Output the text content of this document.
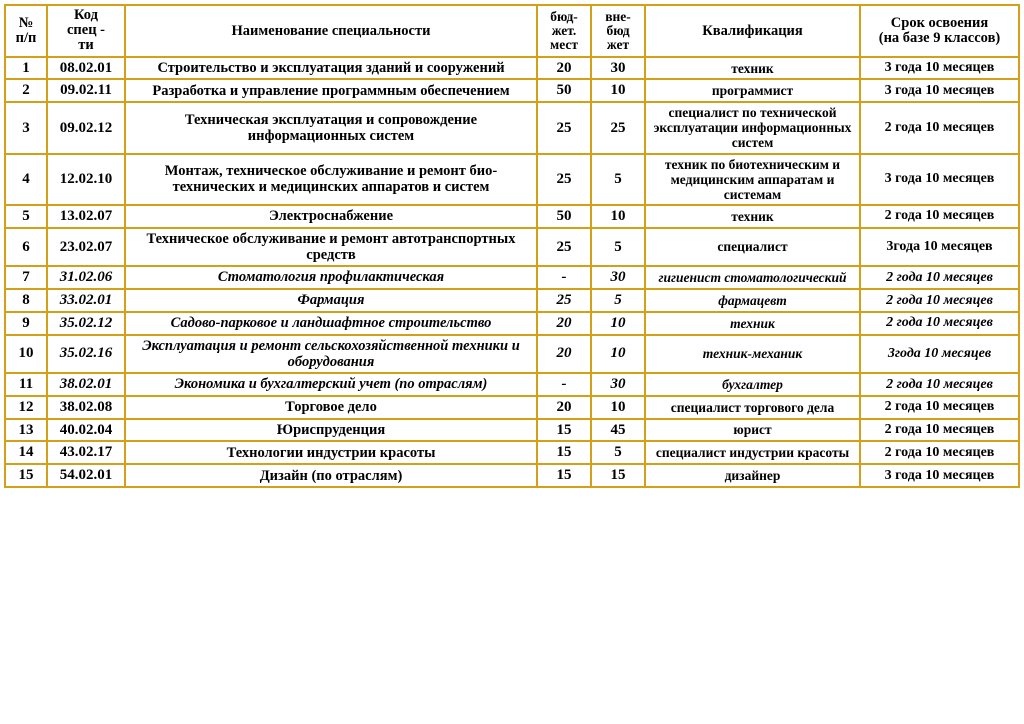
№
п/п	Код
спец -
ти	Наименование специальности	бюд-
жет.
мест	вне-
бюд
жет	Квалификация	Срок освоения
(на базе 9 классов)

1	08.02.01	Строительство и эксплуатация зданий и сооружений	20	30	техник	3 года 10 месяцев
2	09.02.11	Разработка и управление программным обеспечением	50	10	программист	3 года 10 месяцев
3	09.02.12	Техническая эксплуатация и сопровождение информационных систем	25	25	специалист по технической эксплуатации информационных систем	2 года 10 месяцев
4	12.02.10	Монтаж, техническое обслуживание и ремонт био-технических и медицинских аппаратов и систем	25	5	техник по биотехническим и медицинским аппаратам и системам	3 года 10 месяцев
5	13.02.07	Электроснабжение	50	10	техник	2 года 10 месяцев
6	23.02.07	Техническое обслуживание и ремонт автотранспортных средств	25	5	специалист	3года 10 месяцев
7	31.02.06	Стоматология профилактическая	-	30	гигиенист стоматологический	2 года 10 месяцев
8	33.02.01	Фармация	25	5	фармацевт	2 года 10 месяцев
9	35.02.12	Садово-парковое и ландшафтное строительство	20	10	техник	2 года 10 месяцев
10	35.02.16	Эксплуатация и ремонт сельскохозяйственной техники и оборудования	20	10	техник-механик	3года 10 месяцев
11	38.02.01	Экономика и бухгалтерский учет (по отраслям)	-	30	бухгалтер	2 года 10 месяцев
12	38.02.08	Торговое дело	20	10	специалист торгового дела	2 года 10 месяцев
13	40.02.04	Юриспруденция	15	45	юрист	2 года 10 месяцев
14	43.02.17	Технологии индустрии красоты	15	5	специалист индустрии красоты	2 года 10 месяцев
15	54.02.01	Дизайн (по отраслям)	15	15	дизайнер	3 года 10 месяцев
